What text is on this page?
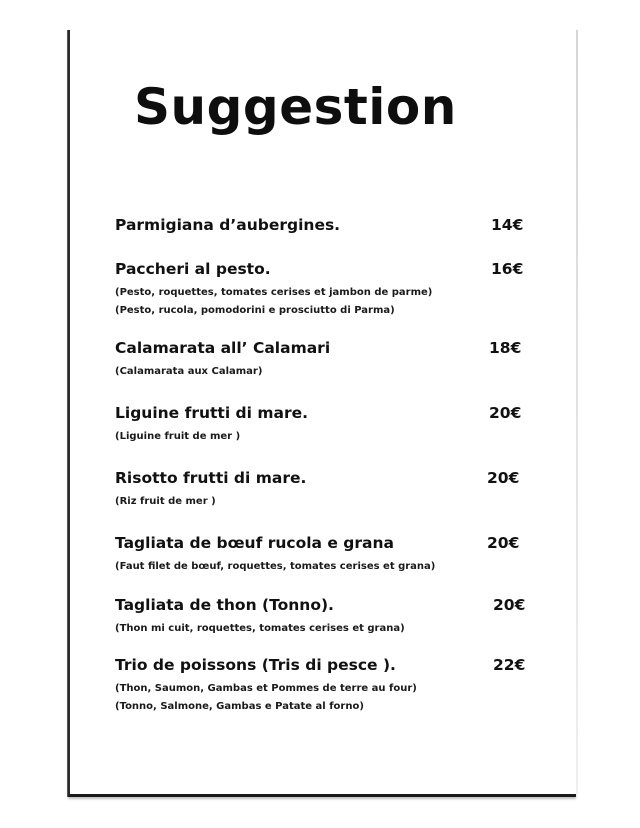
Suggestion
Parmigiana d’aubergines.	14€
Paccheri al pesto.	16€
(Pesto, roquettes, tomates cerises et jambon de parme)
(Pesto, rucola, pomodorini e prosciutto di Parma)
Calamarata all’ Calamari	18€
(Calamarata aux Calamar)
Liguine frutti di mare.	20€
(Liguine fruit de mer )
Risotto frutti di mare.	20€
(Riz fruit de mer )
Tagliata de bœuf rucola e grana	20€
(Faut filet de bœuf, roquettes, tomates cerises et grana)
Tagliata de thon (Tonno).	20€
(Thon mi cuit, roquettes, tomates cerises et grana)
Trio de poissons (Tris di pesce ).	22€
(Thon, Saumon, Gambas et Pommes de terre au four)
(Tonno, Salmone, Gambas e Patate al forno)
